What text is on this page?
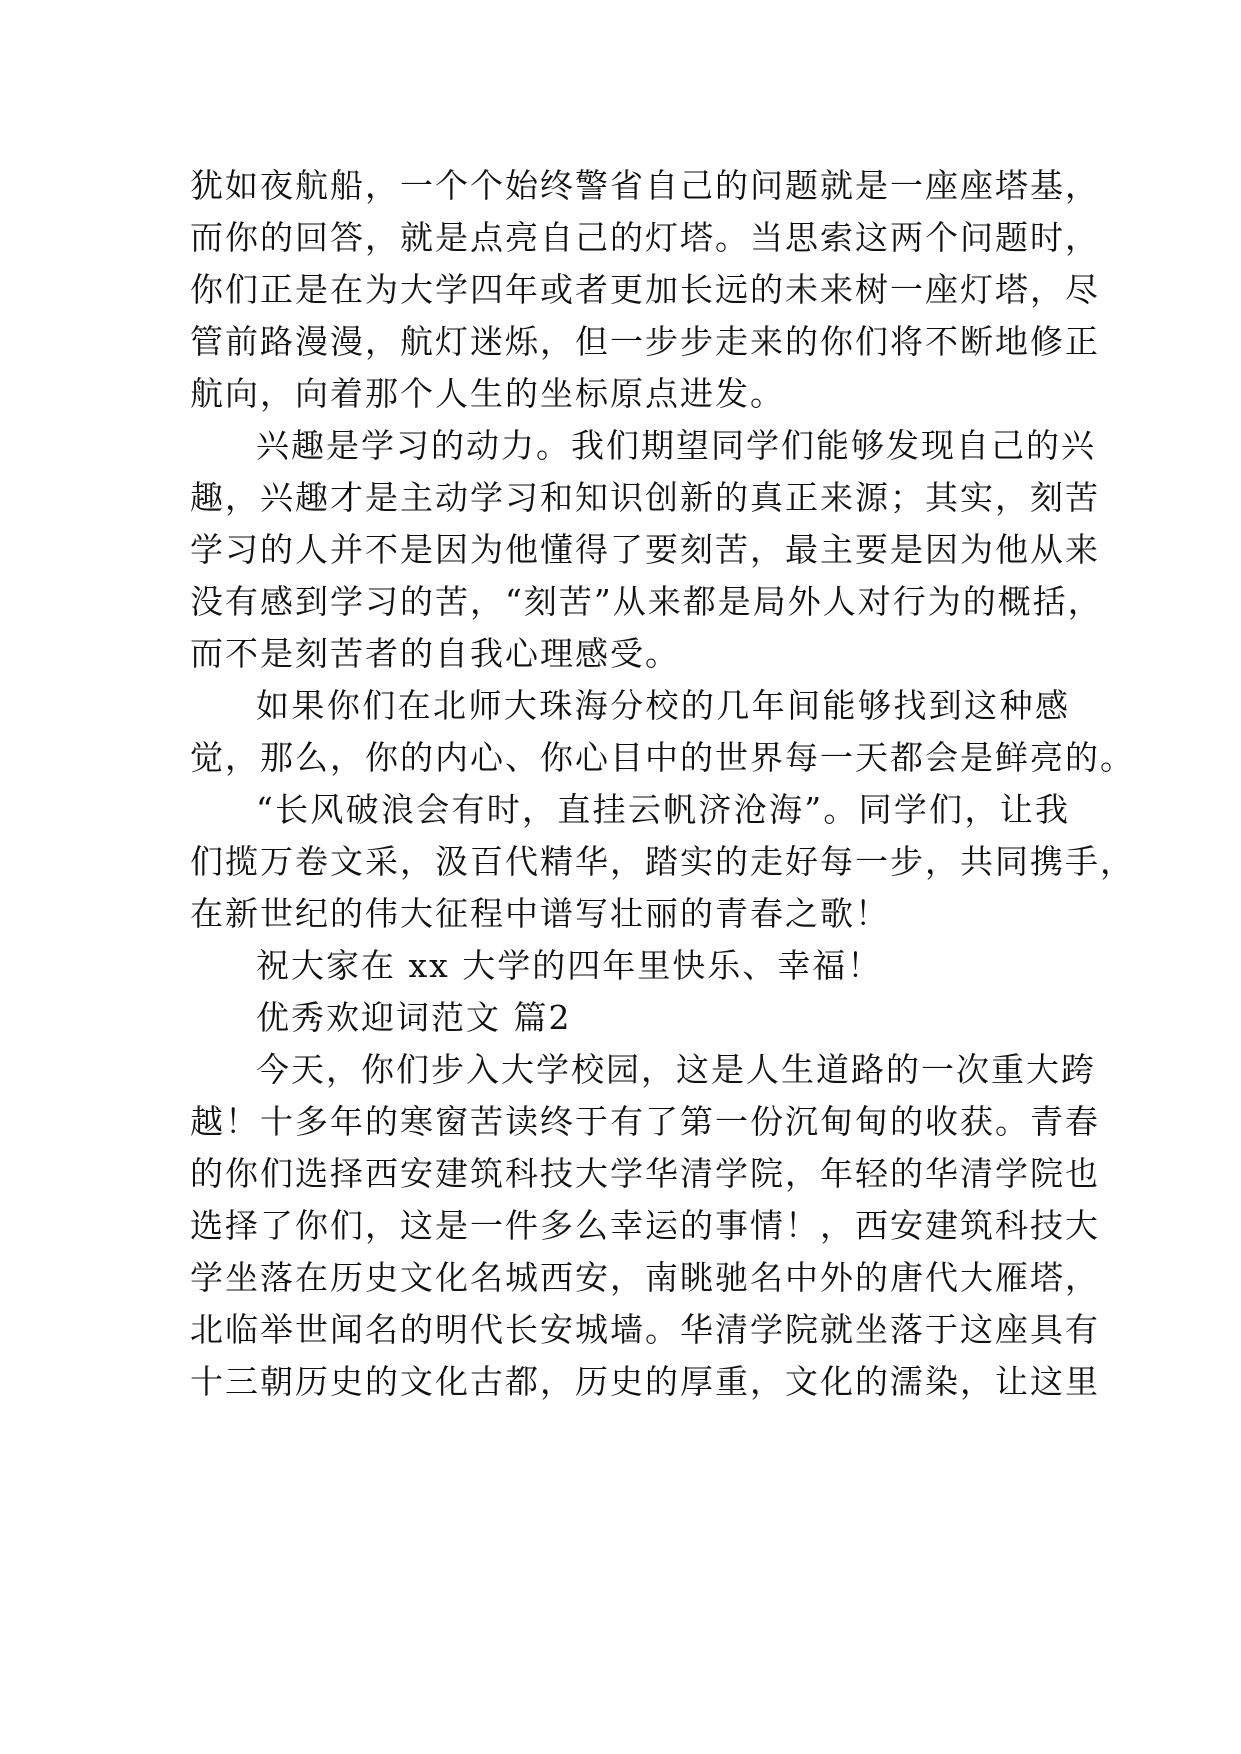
犹如夜航船，一个个始终警省自己的问题就是一座座塔基，
而你的回答，就是点亮自己的灯塔。当思索这两个问题时，
你们正是在为大学四年或者更加长远的未来树一座灯塔，尽
管前路漫漫，航灯迷烁，但一步步走来的你们将不断地修正
航向，向着那个人生的坐标原点进发。
兴趣是学习的动力。我们期望同学们能够发现自己的兴
趣，兴趣才是主动学习和知识创新的真正来源；其实，刻苦
学习的人并不是因为他懂得了要刻苦，最主要是因为他从来
没有感到学习的苦，“刻苦”从来都是局外人对行为的概括，
而不是刻苦者的自我心理感受。
如果你们在北师大珠海分校的几年间能够找到这种感
觉，那么，你的内心、你心目中的世界每一天都会是鲜亮的。
“长风破浪会有时，直挂云帆济沧海”。同学们，让我
们揽万卷文采，汲百代精华，踏实的走好每一步，共同携手，
在新世纪的伟大征程中谱写壮丽的青春之歌！
祝大家在 xx 大学的四年里快乐、幸福！
优秀欢迎词范文 篇2
今天，你们步入大学校园，这是人生道路的一次重大跨
越！十多年的寒窗苦读终于有了第一份沉甸甸的收获。青春
的你们选择西安建筑科技大学华清学院，年轻的华清学院也
选择了你们，这是一件多么幸运的事情！，西安建筑科技大
学坐落在历史文化名城西安，南眺驰名中外的唐代大雁塔，
北临举世闻名的明代长安城墙。华清学院就坐落于这座具有
十三朝历史的文化古都，历史的厚重，文化的濡染，让这里
